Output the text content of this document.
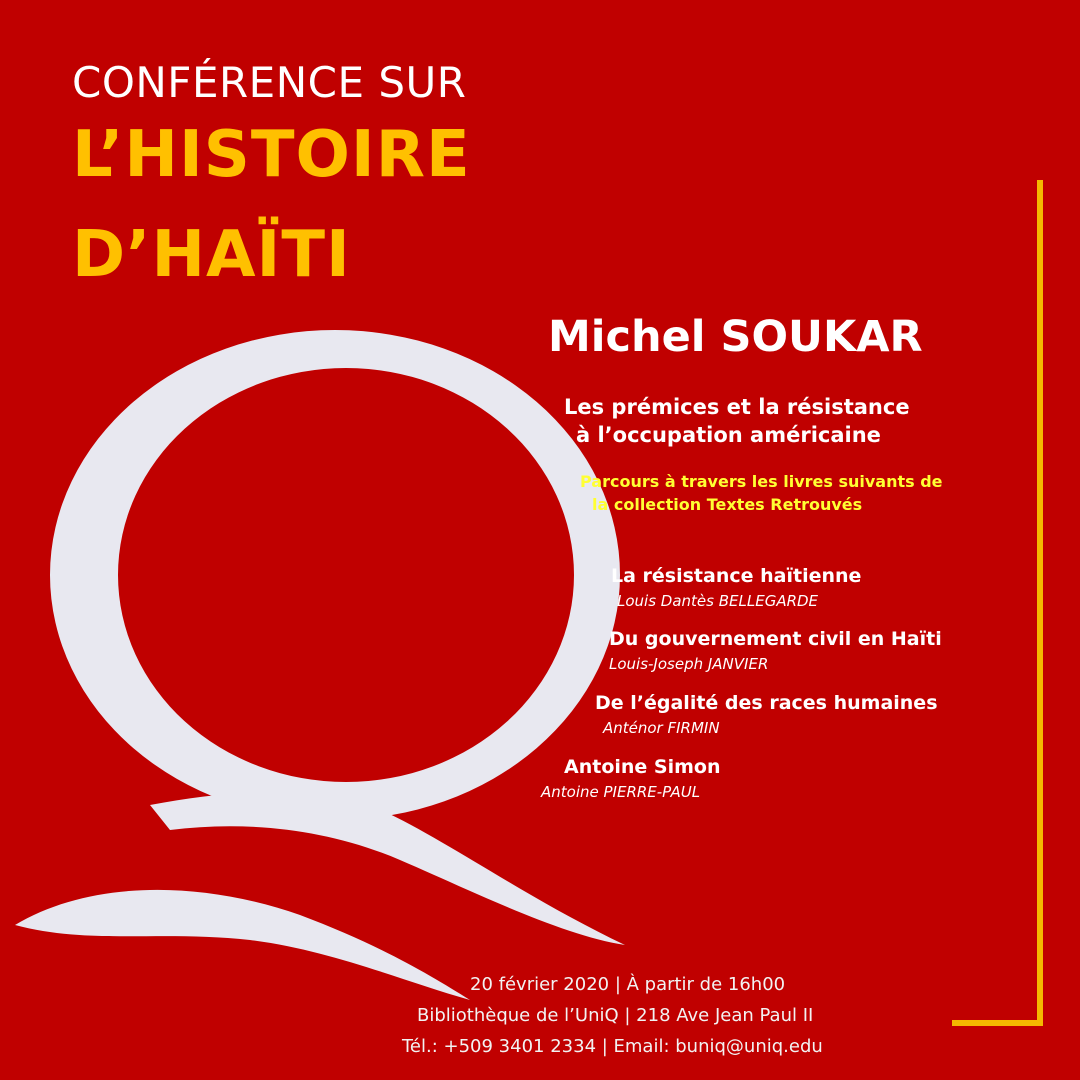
CONFÉRENCE SUR
L’HISTOIRE
D’HAÏTI
Michel SOUKAR
Les prémices et la résistance
à l’occupation américaine
Parcours à travers les livres suivants de
la collection Textes Retrouvés
La résistance haïtienne
Louis Dantès BELLEGARDE
Du gouvernement civil en Haïti
Louis-Joseph JANVIER
De l’égalité des races humaines
Anténor FIRMIN
Antoine Simon
Antoine PIERRE-PAUL
20 février 2020 | À partir de 16h00
Bibliothèque de l’UniQ | 218 Ave Jean Paul II
Tél.: +509 3401 2334 | Email: buniq@uniq.edu
